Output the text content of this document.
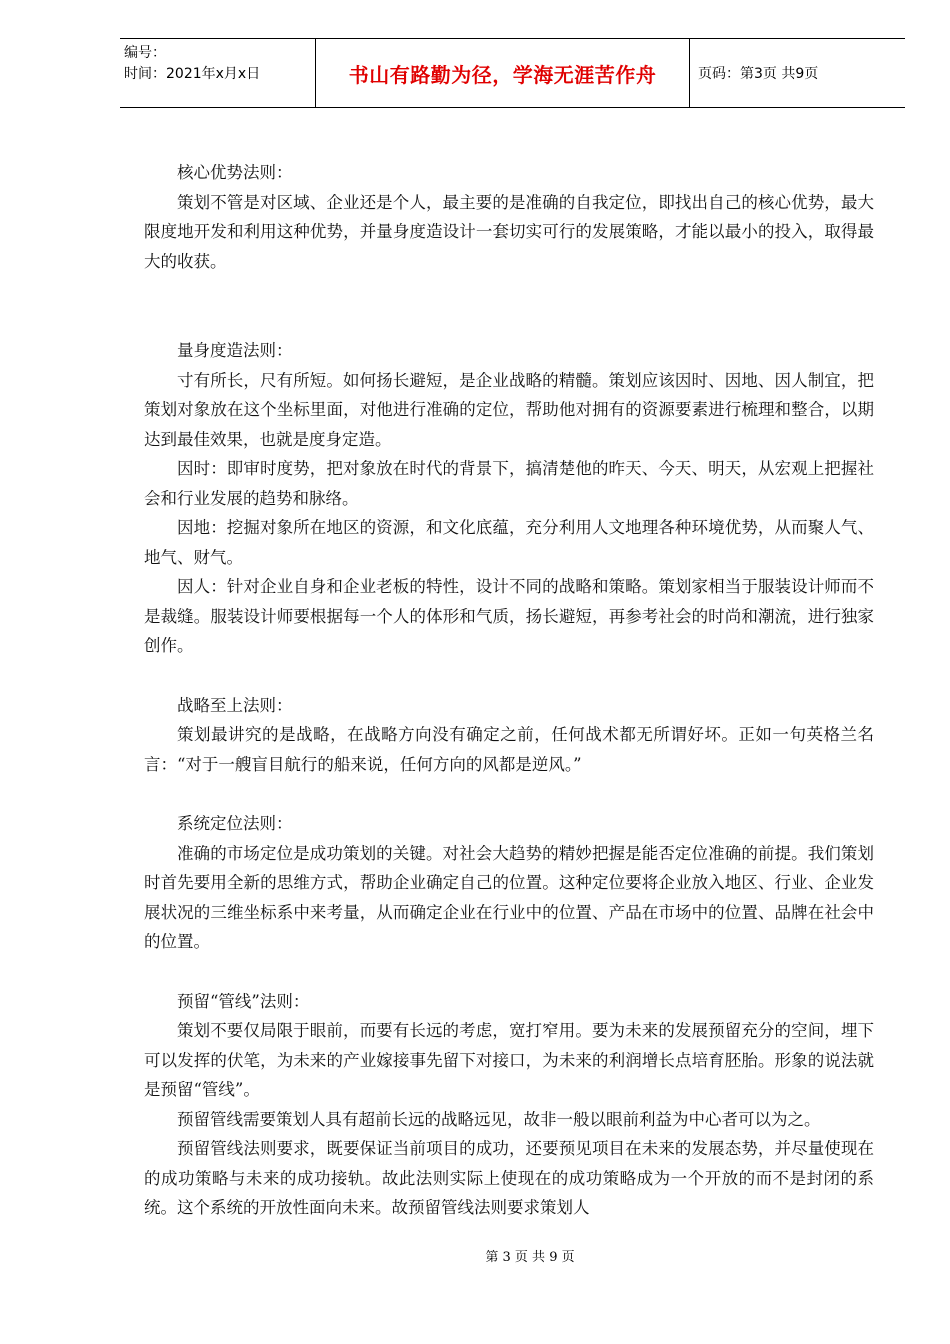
编号：
时间：2021年x月x日	书山有路勤为径，学海无涯苦作舟	页码：第3页 共9页

核心优势法则：

策划不管是对区域、企业还是个人，最主要的是准确的自我定位，即找出自己的核心优势，最大限度地开发和利用这种优势，并量身度造设计一套切实可行的发展策略，才能以最小的投入，取得最大的收获。

量身度造法则：

寸有所长，尺有所短。如何扬长避短，是企业战略的精髓。策划应该因时、因地、因人制宜，把策划对象放在这个坐标里面，对他进行准确的定位，帮助他对拥有的资源要素进行梳理和整合，以期达到最佳效果，也就是度身定造。

因时：即审时度势，把对象放在时代的背景下，搞清楚他的昨天、今天、明天，从宏观上把握社会和行业发展的趋势和脉络。

因地：挖掘对象所在地区的资源，和文化底蕴，充分利用人文地理各种环境优势，从而聚人气、地气、财气。

因人：针对企业自身和企业老板的特性，设计不同的战略和策略。策划家相当于服装设计师而不是裁缝。服装设计师要根据每一个人的体形和气质，扬长避短，再参考社会的时尚和潮流，进行独家创作。

战略至上法则：

策划最讲究的是战略，在战略方向没有确定之前，任何战术都无所谓好坏。正如一句英格兰名言：“对于一艘盲目航行的船来说，任何方向的风都是逆风。”

系统定位法则：

准确的市场定位是成功策划的关键。对社会大趋势的精妙把握是能否定位准确的前提。我们策划时首先要用全新的思维方式，帮助企业确定自己的位置。这种定位要将企业放入地区、行业、企业发展状况的三维坐标系中来考量，从而确定企业在行业中的位置、产品在市场中的位置、品牌在社会中的位置。

预留“管线”法则：

策划不要仅局限于眼前，而要有长远的考虑，宽打窄用。要为未来的发展预留充分的空间，埋下可以发挥的伏笔，为未来的产业嫁接事先留下对接口，为未来的利润增长点培育胚胎。形象的说法就是预留“管线”。

预留管线需要策划人具有超前长远的战略远见，故非一般以眼前利益为中心者可以为之。

预留管线法则要求，既要保证当前项目的成功，还要预见项目在未来的发展态势，并尽量使现在的成功策略与未来的成功接轨。故此法则实际上使现在的成功策略成为一个开放的而不是封闭的系统。这个系统的开放性面向未来。故预留管线法则要求策划人

第 3 页 共 9 页
